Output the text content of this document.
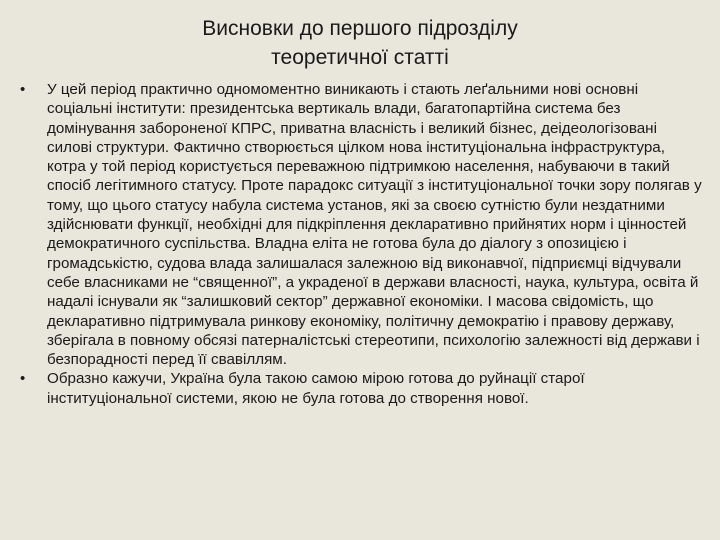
Висновки до першого підрозділу
теоретичної статті
•	У цей період практично одномоментно виникають і стають леґальними нові основні соціальні інститути: президентська вертикаль влади, багатопартійна система без домінування забороненої КПРС, приватна власність і великий бізнес, деідеологізовані силові структури. Фактично створюється цілком нова інституціональна інфраструктура, котра у той період користується переважною підтримкою населення, набуваючи в такий спосіб легітимного статусу. Проте парадокс ситуації з інституціональної точки зору полягав у тому, що цього статусу набула система установ, які за своєю сутністю були нездатними здійснювати функції, необхідні для підкріплення декларативно прийнятих норм і цінностей демократичного суспільства. Владна еліта не готова була до діалогу з опозицією і громадськістю, судова влада залишалася залежною від виконавчої, підприємці відчували себе власниками не “священної”, а украденої в держави власності, наука, культура, освіта й надалі існували як “залишковий сектор” державної економіки. І масова свідомість, що декларативно підтримувала ринкову економіку, політичну демократію і правову державу, зберігала в повному обсязі патерналістські стереотипи, психологію залежності від держави і безпорадності перед її свавіллям.
•	Образно кажучи, Україна була такою самою мірою готова до руйнації старої інституціональної системи, якою не була готова до створення нової.
